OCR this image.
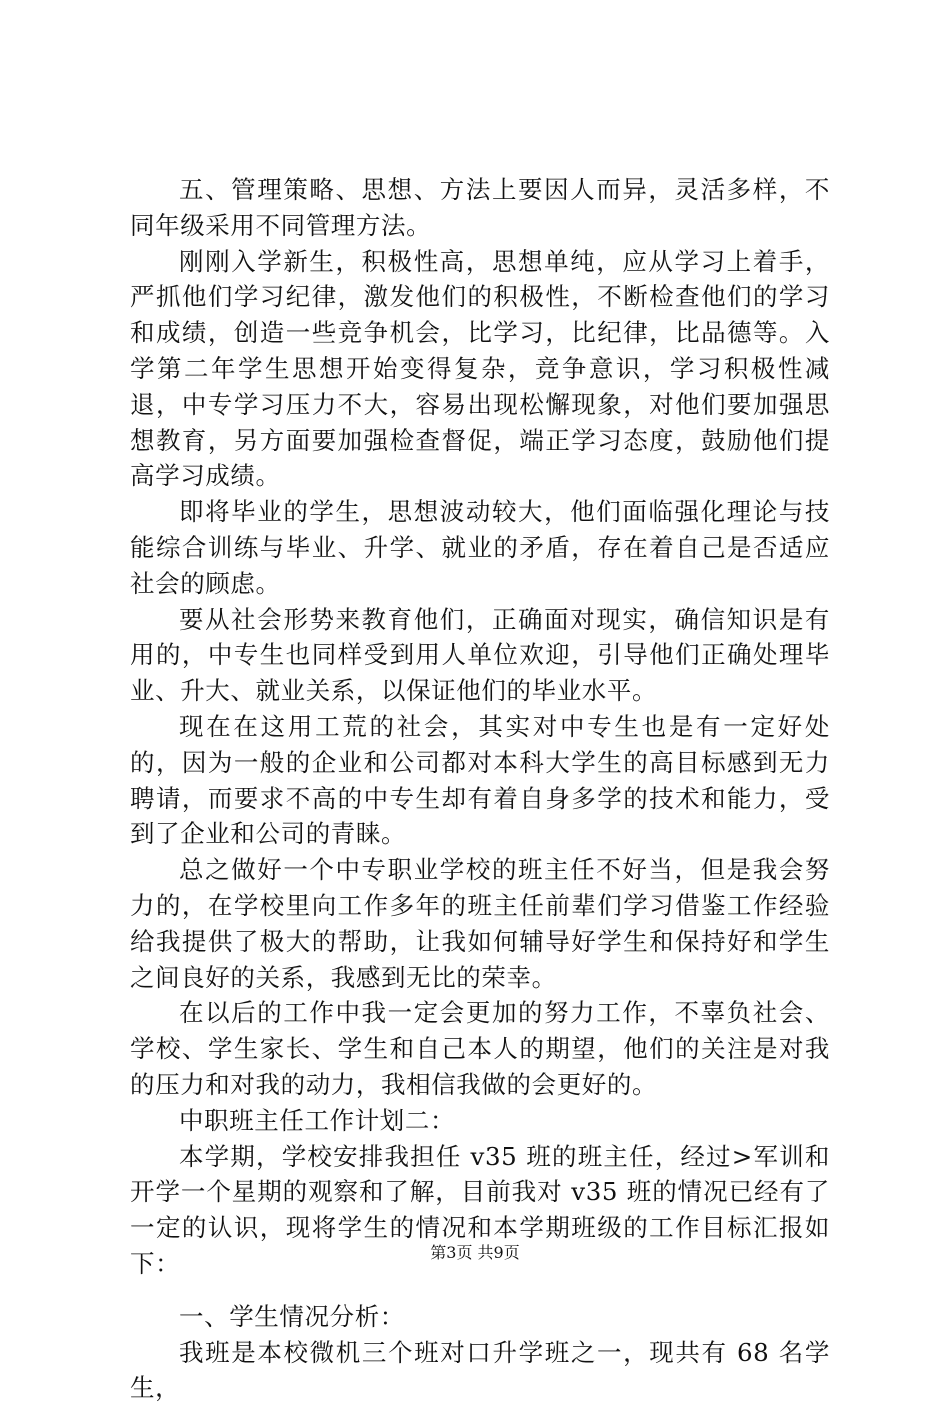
五、管理策略、思想、方法上要因人而异，灵活多样，不同年级采用不同管理方法。

刚刚入学新生，积极性高，思想单纯，应从学习上着手，严抓他们学习纪律，激发他们的积极性，不断检查他们的学习和成绩，创造一些竞争机会，比学习，比纪律，比品德等。入学第二年学生思想开始变得复杂，竞争意识，学习积极性减退，中专学习压力不大，容易出现松懈现象，对他们要加强思想教育，另方面要加强检查督促，端正学习态度，鼓励他们提高学习成绩。

即将毕业的学生，思想波动较大，他们面临强化理论与技能综合训练与毕业、升学、就业的矛盾，存在着自己是否适应社会的顾虑。

要从社会形势来教育他们，正确面对现实，确信知识是有用的，中专生也同样受到用人单位欢迎，引导他们正确处理毕业、升大、就业关系，以保证他们的毕业水平。

现在在这用工荒的社会，其实对中专生也是有一定好处的，因为一般的企业和公司都对本科大学生的高目标感到无力聘请，而要求不高的中专生却有着自身多学的技术和能力，受到了企业和公司的青睐。

总之做好一个中专职业学校的班主任不好当，但是我会努力的，在学校里向工作多年的班主任前辈们学习借鉴工作经验给我提供了极大的帮助，让我如何辅导好学生和保持好和学生之间良好的关系，我感到无比的荣幸。

在以后的工作中我一定会更加的努力工作，不辜负社会、学校、学生家长、学生和自己本人的期望，他们的关注是对我的压力和对我的动力，我相信我做的会更好的。

中职班主任工作计划二：

本学期，学校安排我担任 v35 班的班主任，经过>军训和开学一个星期的观察和了解，目前我对 v35 班的情况已经有了一定的认识，现将学生的情况和本学期班级的工作目标汇报如下：

一、学生情况分析：

我班是本校微机三个班对口升学班之一，现共有 68 名学生，

第3页 共9页
